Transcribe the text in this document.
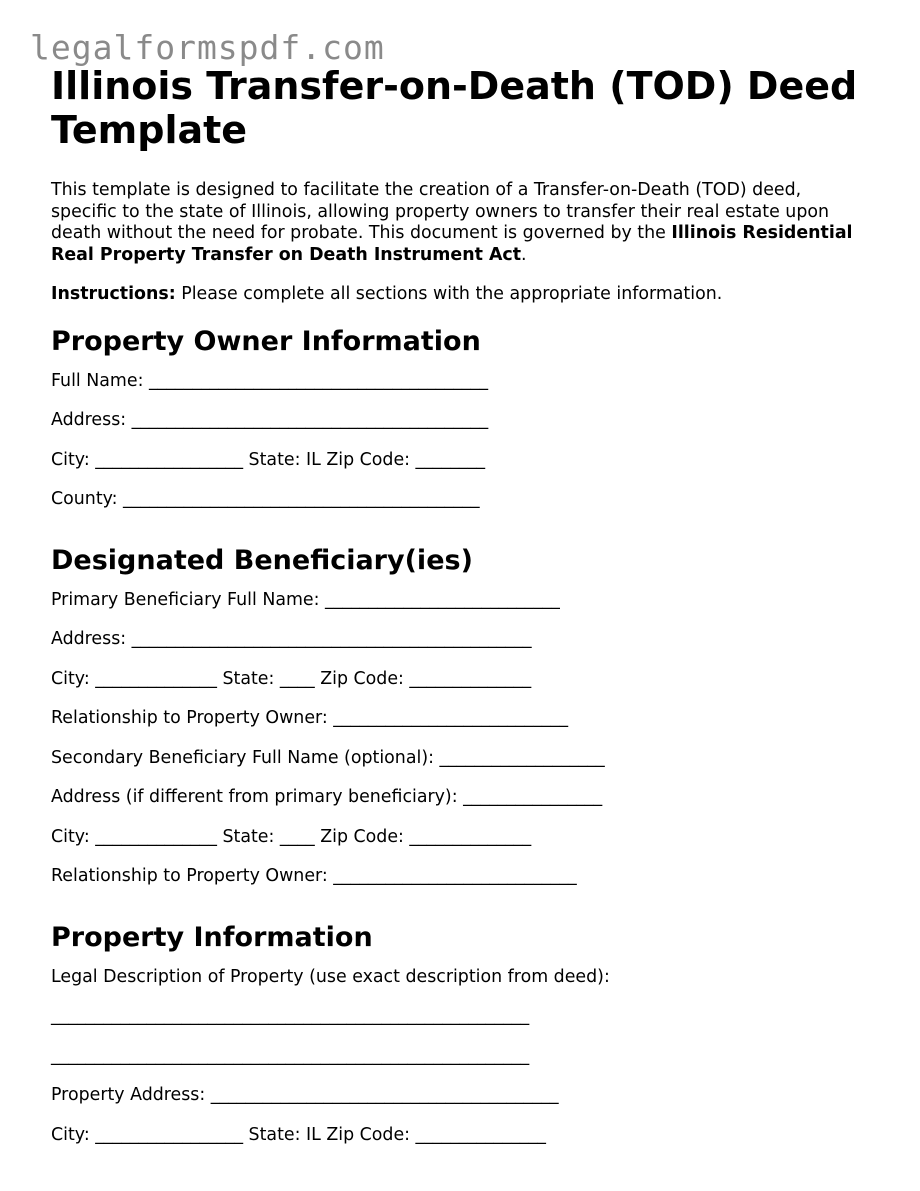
legalformspdf.com
Illinois Transfer-on-Death (TOD) Deed Template

This template is designed to facilitate the creation of a Transfer-on-Death (TOD) deed, specific to the state of Illinois, allowing property owners to transfer their real estate upon death without the need for probate. This document is governed by the Illinois Residential Real Property Transfer on Death Instrument Act.

Instructions: Please complete all sections with the appropriate information.

Property Owner Information
Full Name: _______________________________________
Address: _________________________________________
City: _________________ State: IL Zip Code: ________
County: _________________________________________
Designated Beneficiary(ies)
Primary Beneficiary Full Name: ___________________________
Address: ______________________________________________
City: ______________ State: ____ Zip Code: ______________
Relationship to Property Owner: ___________________________
Secondary Beneficiary Full Name (optional): ___________________
Address (if different from primary beneficiary): ________________
City: ______________ State: ____ Zip Code: ______________
Relationship to Property Owner: ____________________________
Property Information
Legal Description of Property (use exact description from deed):
_______________________________________________________
_______________________________________________________
Property Address: ________________________________________
City: _________________ State: IL Zip Code: _______________
